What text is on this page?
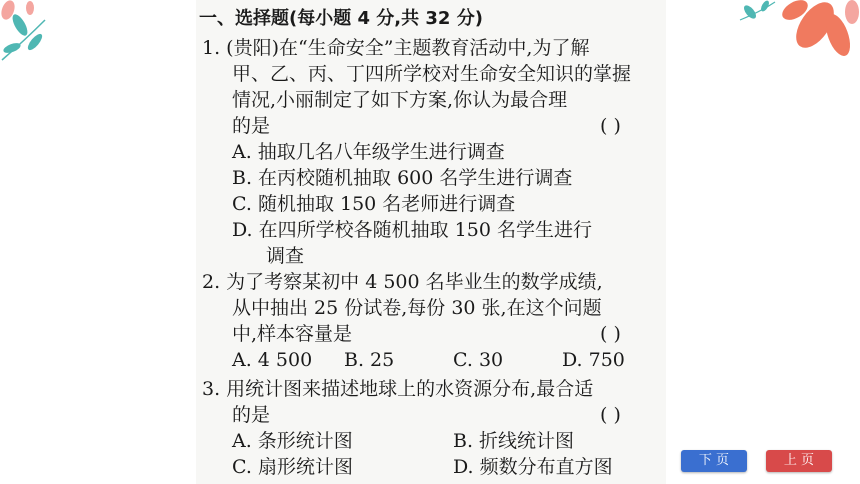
一、选择题(每小题 4 分,共 32 分)
1. (贵阳)在“生命安全”主题教育活动中,为了解
甲、乙、丙、丁四所学校对生命安全知识的掌握
情况,小丽制定了如下方案,你认为最合理
的是	( )
A. 抽取几名八年级学生进行调查
B. 在丙校随机抽取 600 名学生进行调查
C. 随机抽取 150 名老师进行调查
D. 在四所学校各随机抽取 150 名学生进行
调查
2. 为了考察某初中 4 500 名毕业生的数学成绩,
从中抽出 25 份试卷,每份 30 张,在这个问题
中,样本容量是	( )
A. 4 500 B. 25	C. 30	D. 750
3. 用统计图来描述地球上的水资源分布,最合适
的是	( )
A. 条形统计图	B. 折线统计图
C. 扇形统计图	D. 频数分布直方图	下 页	上 页
